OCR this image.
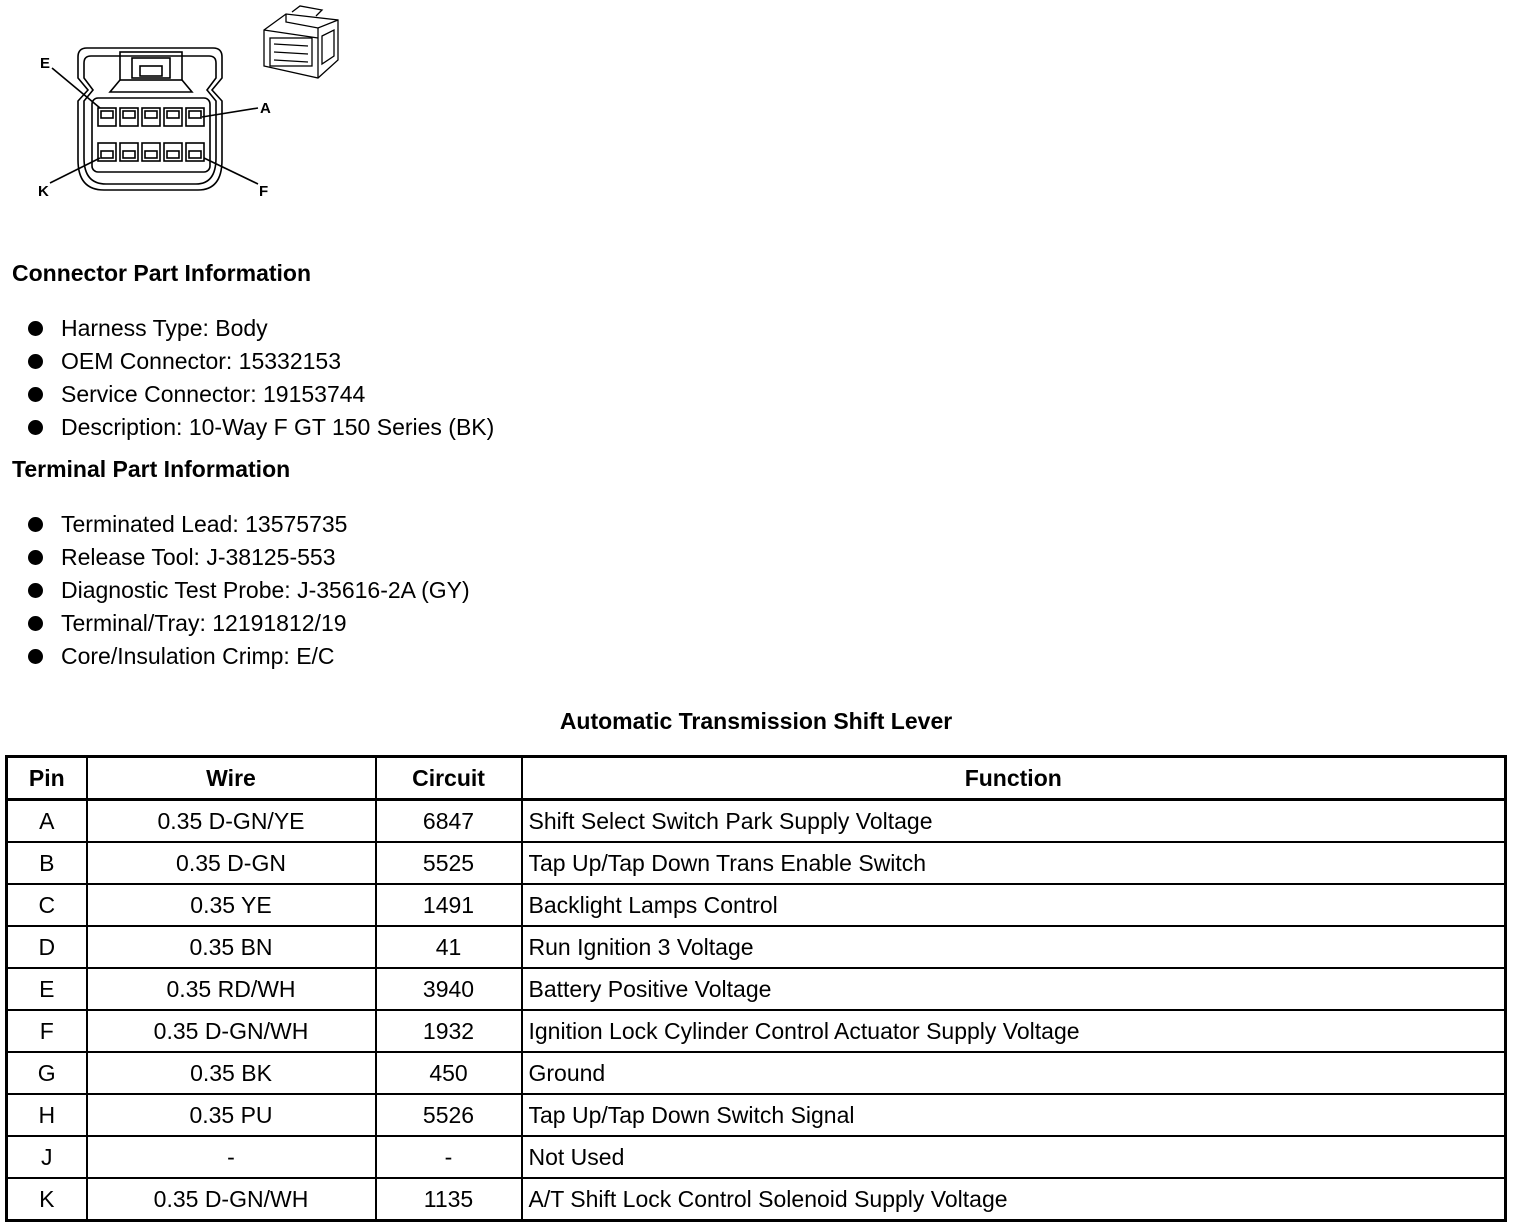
E
A
K	F
Connector Part Information
Harness Type: Body
OEM Connector: 15332153
Service Connector: 19153744
Description: 10-Way F GT 150 Series (BK)
Terminal Part Information
Terminated Lead: 13575735
Release Tool: J-38125-553
Diagnostic Test Probe: J-35616-2A (GY)
Terminal/Tray: 12191812/19
Core/Insulation Crimp: E/C
Automatic Transmission Shift Lever
Pin	Wire	Circuit	Function
A	0.35 D-GN/YE	6847	Shift Select Switch Park Supply Voltage
B	0.35 D-GN	5525	Tap Up/Tap Down Trans Enable Switch
C	0.35 YE	1491	Backlight Lamps Control
D	0.35 BN	41	Run Ignition 3 Voltage
E	0.35 RD/WH	3940	Battery Positive Voltage
F	0.35 D-GN/WH	1932	Ignition Lock Cylinder Control Actuator Supply Voltage
G	0.35 BK	450	Ground
H	0.35 PU	5526	Tap Up/Tap Down Switch Signal
J	-	-	Not Used
K	0.35 D-GN/WH	1135	A/T Shift Lock Control Solenoid Supply Voltage
